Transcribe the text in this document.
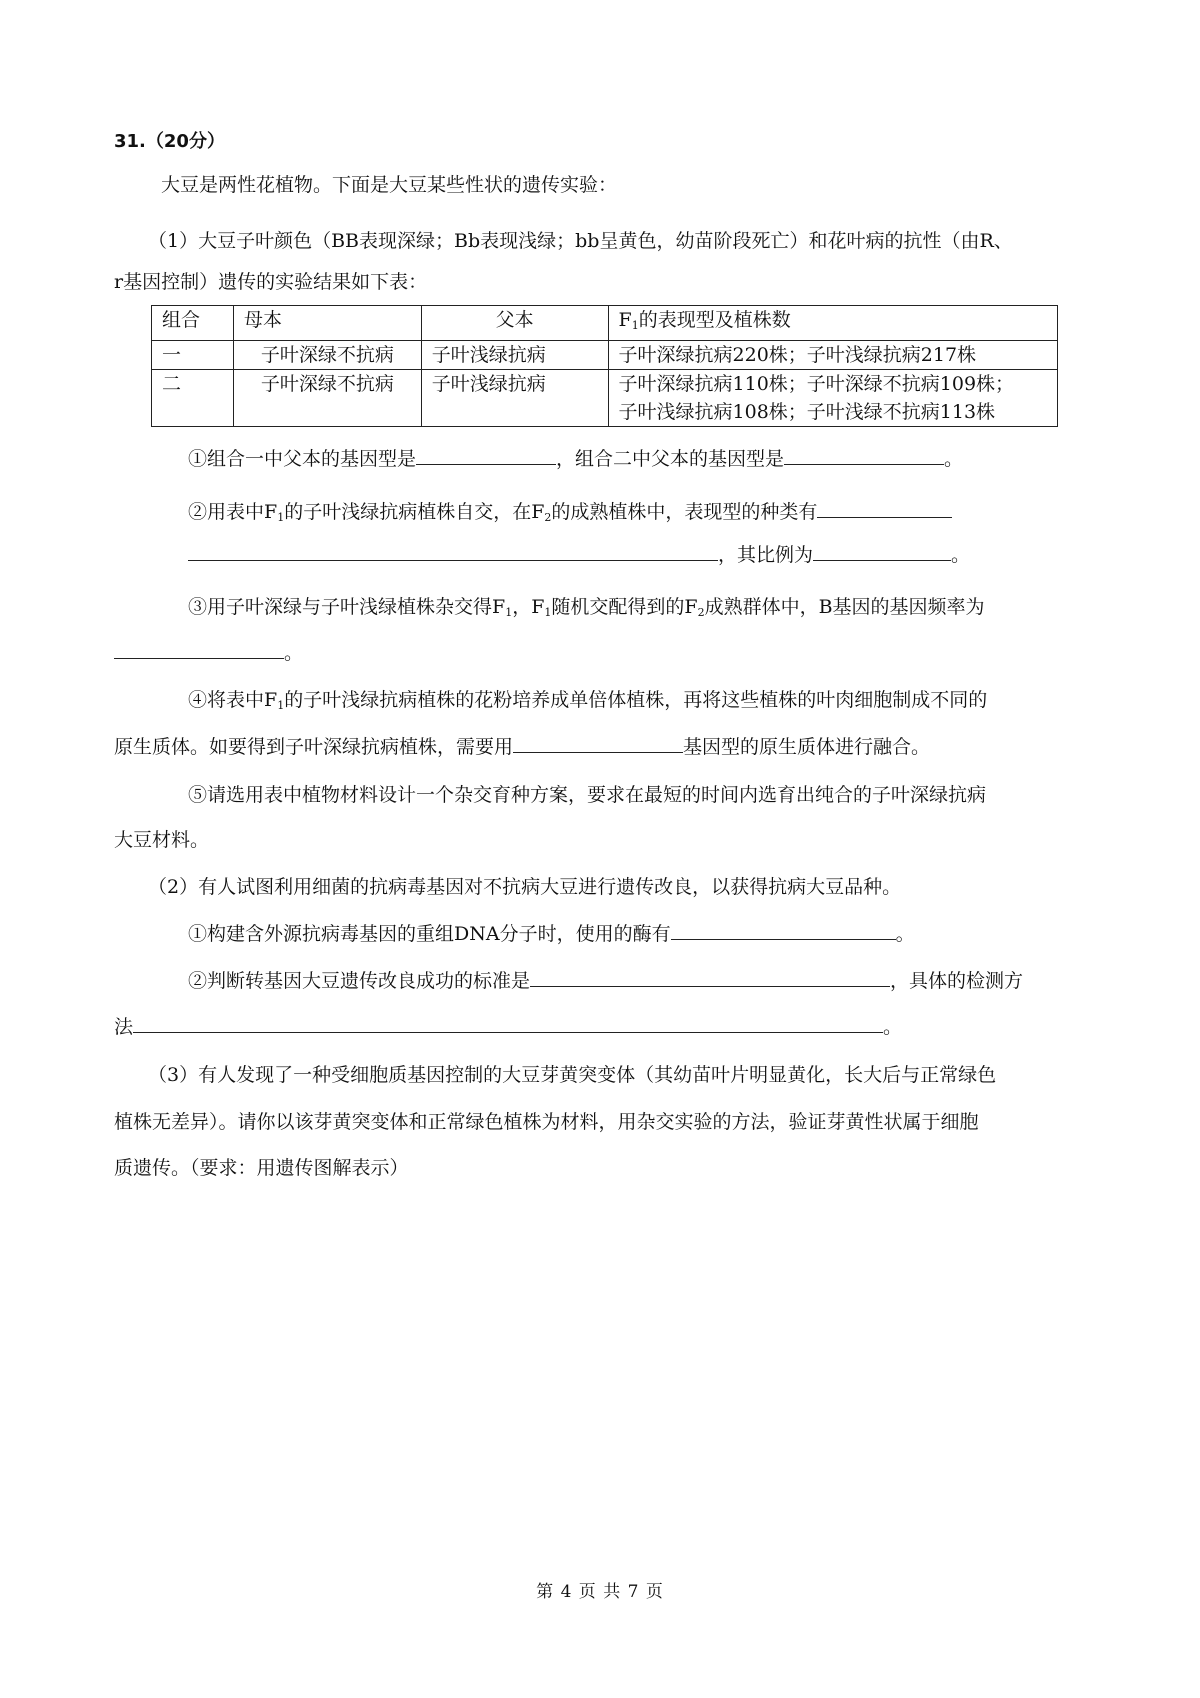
31.（20分）
大豆是两性花植物。下面是大豆某些性状的遗传实验：
（1）大豆子叶颜色（BB表现深绿；Bb表现浅绿；bb呈黄色，幼苗阶段死亡）和花叶病的抗性（由R、
r基因控制）遗传的实验结果如下表：
组合	母本	父本	$F_1$的表现型及植株数
一	子叶深绿不抗病	子叶浅绿抗病	子叶深绿抗病220株；子叶浅绿抗病217株
二	子叶深绿不抗病	子叶浅绿抗病	子叶深绿抗病110株；子叶深绿不抗病109株；
子叶浅绿抗病108株；子叶浅绿不抗病113株
①组合一中父本的基因型是	，组合二中父本的基因型是	。
②用表中$F_1$的子叶浅绿抗病植株自交，在$F_2$的成熟植株中，表现型的种类有
，其比例为	。
③用子叶深绿与子叶浅绿植株杂交得$F_1$，$F_1$随机交配得到的$F_2$成熟群体中，B基因的基因频率为
。
④将表中$F_1$的子叶浅绿抗病植株的花粉培养成单倍体植株，再将这些植株的叶肉细胞制成不同的
原生质体。如要得到子叶深绿抗病植株，需要用	基因型的原生质体进行融合。
⑤请选用表中植物材料设计一个杂交育种方案，要求在最短的时间内选育出纯合的子叶深绿抗病
大豆材料。
（2）有人试图利用细菌的抗病毒基因对不抗病大豆进行遗传改良，以获得抗病大豆品种。
①构建含外源抗病毒基因的重组DNA分子时，使用的酶有	。
②判断转基因大豆遗传改良成功的标准是	，具体的检测方
法	。
（3）有人发现了一种受细胞质基因控制的大豆芽黄突变体（其幼苗叶片明显黄化，长大后与正常绿色
植株无差异）。请你以该芽黄突变体和正常绿色植株为材料，用杂交实验的方法，验证芽黄性状属于细胞
质遗传。（要求：用遗传图解表示）
第 4 页 共 7 页
